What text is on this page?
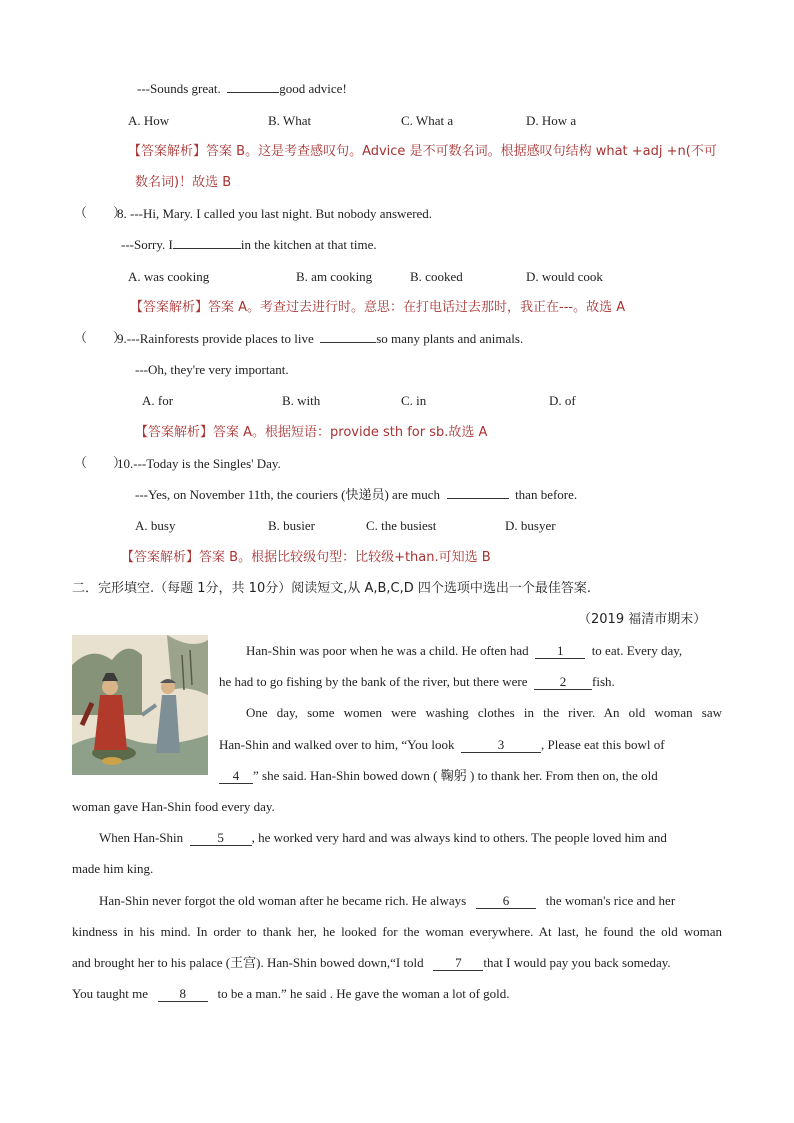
---Sounds great.	good advice!
A. How	B. What	C. What a	D. How a
【答案解析】答案 B。这是考查感叹句。Advice 是不可数名词。根据感叹句结构 what +adj +n(不可
数名词)！故选 B
（　　）
8. ---Hi, Mary. I called you last night. But nobody answered.
---Sorry. I	in the kitchen at that time.
A. was cooking	B. am cooking	B. cooked	D. would cook
【答案解析】答案 A。考查过去进行时。意思：在打电话过去那时，我正在---。故选 A
（　　）
9.---Rainforests provide places to live	so many plants and animals.
---Oh, they're very important.
A. for	B. with	C. in	D. of
【答案解析】答案 A。根据短语：provide sth for sb.故选 A
（　　）
10.---Today is the Singles' Day.
---Yes, on November 11th, the couriers (快递员) are much	than before.
A. busy	B. busier	C. the busiest	D. busyer
【答案解析】答案 B。根据比较级句型：比较级+than.可知选 B
二．完形填空.（每题 1分，共 10分）阅读短文,从 A,B,C,D 四个选项中选出一个最佳答案.
（2019 福清市期末）
Han-Shin was poor when he was a child. He often had 1 to eat. Every day,
he had to go fishing by the bank of the river, but there were 2 fish.
One day, some women were washing clothes in the river. An old woman saw
Han-Shin and walked over to him, “You look	3	, Please eat this bowl of
4 ” she said. Han-Shin bowed down ( 鞠躬 ) to thank her. From then on, the old
woman gave Han-Shin food every day.
When Han-Shin	5 , he worked very hard and was always kind to others. The people loved him and
made him king.
Han-Shin never forgot the old woman after he became rich. He always	6	the woman's rice and her
kindness in his mind. In order to thank her, he looked for the woman everywhere. At last, he found the old woman
and brought her to his palace (王宫). Han-Shin bowed down,“I told 7 that I would pay you back someday.
You taught me 8 to be a man.” he said . He gave the woman a lot of gold.
